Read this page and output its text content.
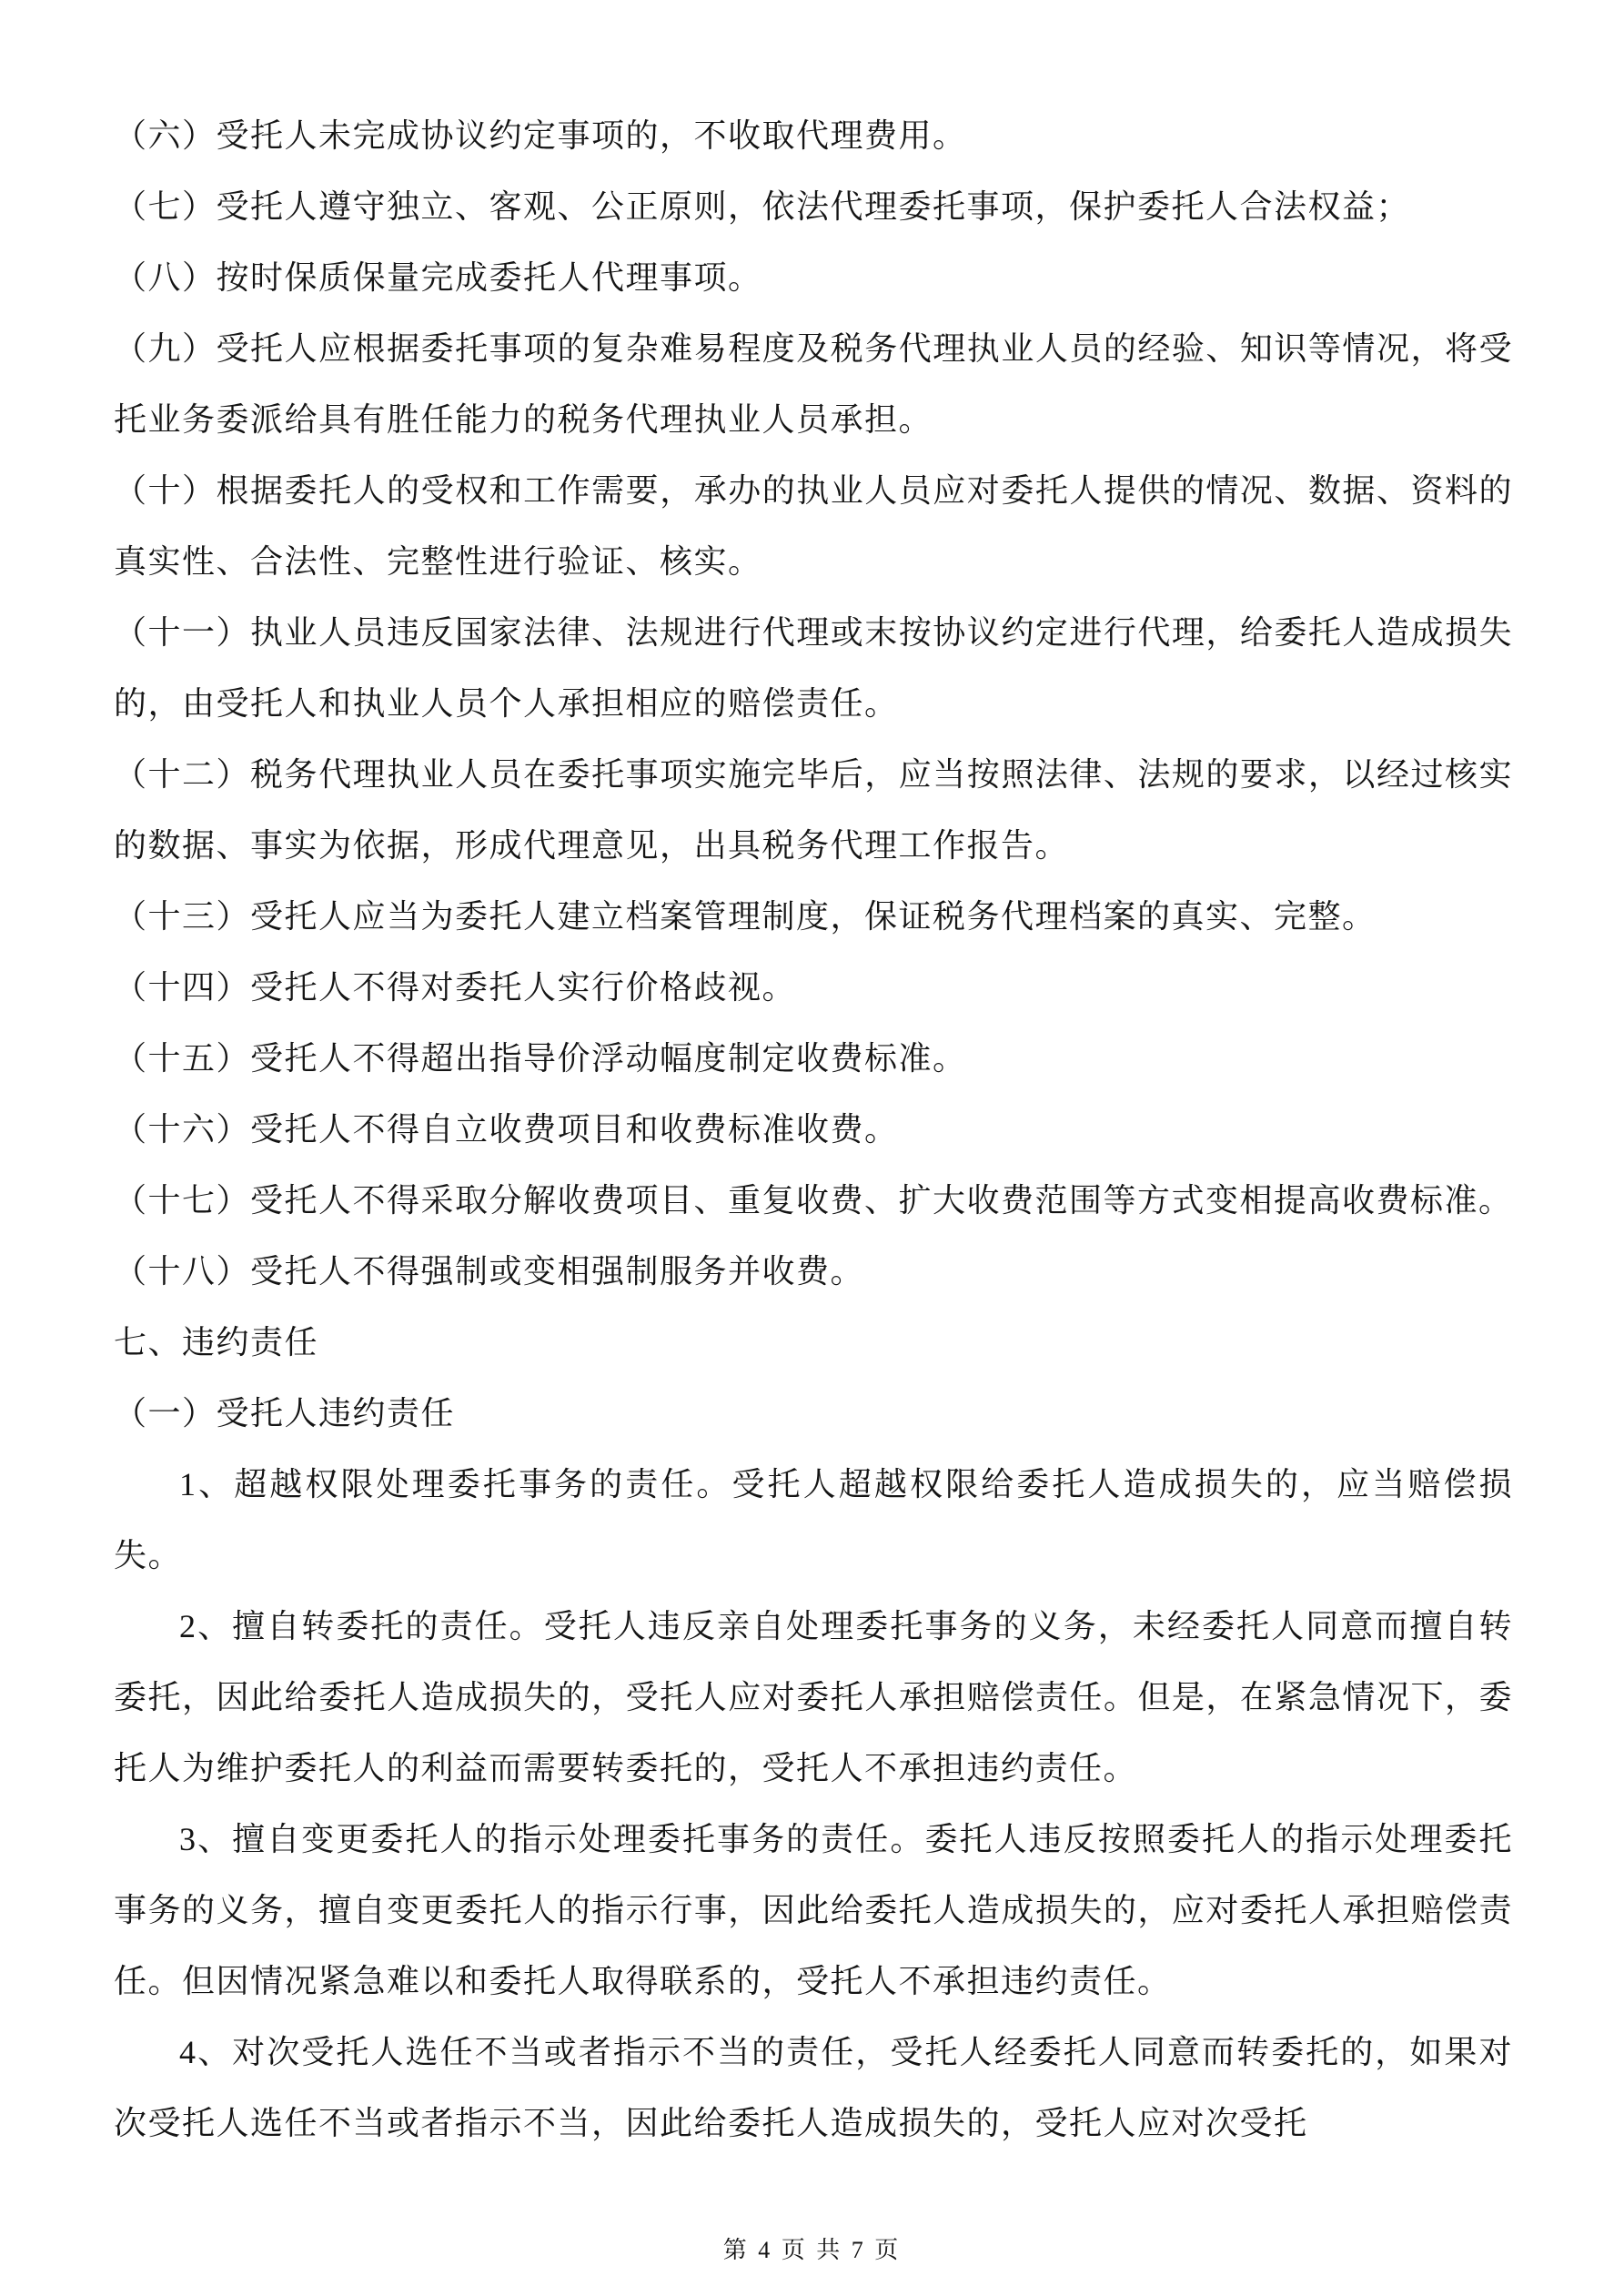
（六）受托人未完成协议约定事项的，不收取代理费用。

（七）受托人遵守独立、客观、公正原则，依法代理委托事项，保护委托人合法权益；

（八）按时保质保量完成委托人代理事项。

（九）受托人应根据委托事项的复杂难易程度及税务代理执业人员的经验、知识等情况，将受托业务委派给具有胜任能力的税务代理执业人员承担。

（十）根据委托人的受权和工作需要，承办的执业人员应对委托人提供的情况、数据、资料的真实性、合法性、完整性进行验证、核实。

（十一）执业人员违反国家法律、法规进行代理或末按协议约定进行代理，给委托人造成损失的，由受托人和执业人员个人承担相应的赔偿责任。

（十二）税务代理执业人员在委托事项实施完毕后，应当按照法律、法规的要求，以经过核实的数据、事实为依据，形成代理意见，出具税务代理工作报告。

（十三）受托人应当为委托人建立档案管理制度，保证税务代理档案的真实、完整。

（十四）受托人不得对委托人实行价格歧视。

（十五）受托人不得超出指导价浮动幅度制定收费标准。

（十六）受托人不得自立收费项目和收费标准收费。

（十七）受托人不得采取分解收费项目、重复收费、扩大收费范围等方式变相提高收费标准。

（十八）受托人不得强制或变相强制服务并收费。

七、违约责任

（一）受托人违约责任

1、超越权限处理委托事务的责任。受托人超越权限给委托人造成损失的，应当赔偿损失。

2、擅自转委托的责任。受托人违反亲自处理委托事务的义务，未经委托人同意而擅自转委托，因此给委托人造成损失的，受托人应对委托人承担赔偿责任。但是，在紧急情况下，委托人为维护委托人的利益而需要转委托的，受托人不承担违约责任。

3、擅自变更委托人的指示处理委托事务的责任。委托人违反按照委托人的指示处理委托事务的义务，擅自变更委托人的指示行事，因此给委托人造成损失的，应对委托人承担赔偿责任。但因情况紧急难以和委托人取得联系的，受托人不承担违约责任。

4、对次受托人选任不当或者指示不当的责任，受托人经委托人同意而转委托的，如果对次受托人选任不当或者指示不当，因此给委托人造成损失的，受托人应对次受托

第 4 页 共 7 页
